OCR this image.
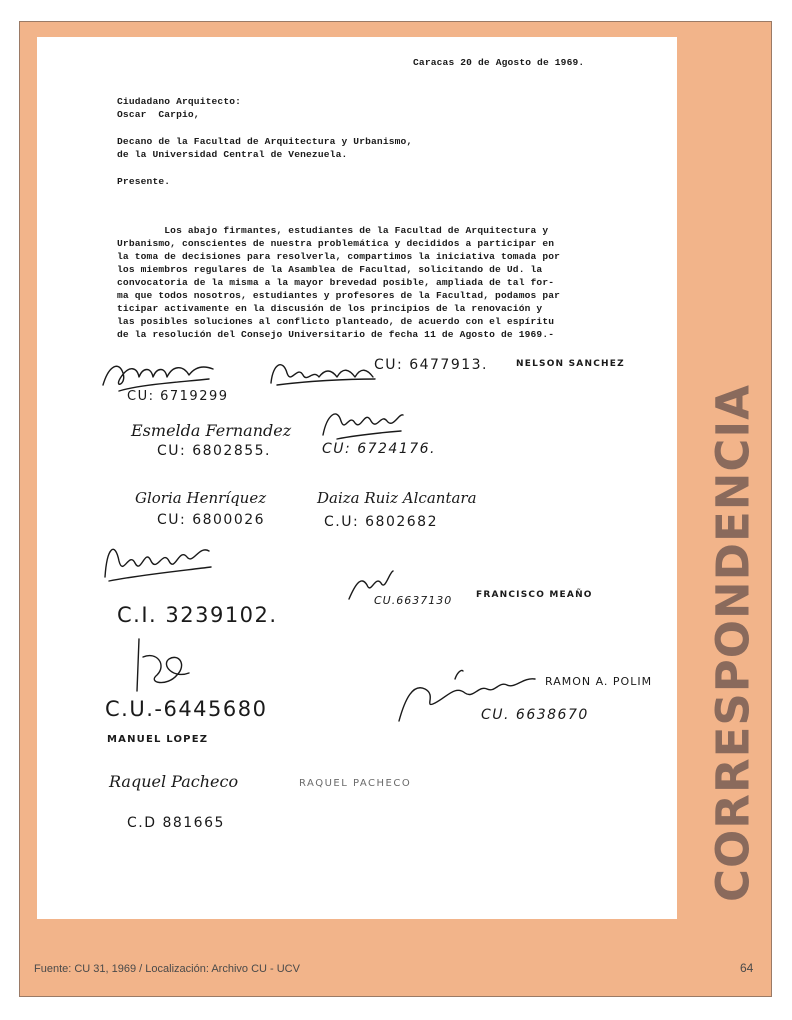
Caracas 20 de Agosto de 1969.
Ciudadano Arquitecto:
Oscar  Carpio,
Decano de la Facultad de Arquitectura y Urbanismo,
de la Universidad Central de Venezuela.
Presente.
Los abajo firmantes, estudiantes de la Facultad de Arquitectura y
Urbanismo, conscientes de nuestra problemática y decididos a participar en
la toma de decisiones para resolverla, compartimos la iniciativa tomada por
los miembros regulares de la Asamblea de Facultad, solicitando de Ud. la
convocatoria de la misma a la mayor brevedad posible, ampliada de tal for-
ma que todos nosotros, estudiantes y profesores de la Facultad, podamos par
ticipar activamente en la discusión de los principios de la renovación y
las posibles soluciones al conflicto planteado, de acuerdo con el espíritu
de la resolución del Consejo Universitario de fecha 11 de Agosto de 1969.-
CU: 6719299
CU: 6477913.	NELSON SANCHEZ
Esmelda Fernandez
CU: 6802855.	CU: 6724176.
Gloria Henríquez
CU: 6800026
Daiza Ruiz Alcantara
C.U: 6802682
C.I. 3239102.
CU.6637130	FRANCISCO MEAÑO
C.U.-6445680
MANUEL LOPEZ
RAMON A. POLIM
CU. 6638670
Raquel Pacheco	RAQUEL PACHECO
C.D 881665	CORRESPONDENCIA
Fuente: CU 31, 1969 / Localización: Archivo CU - UCV	64
